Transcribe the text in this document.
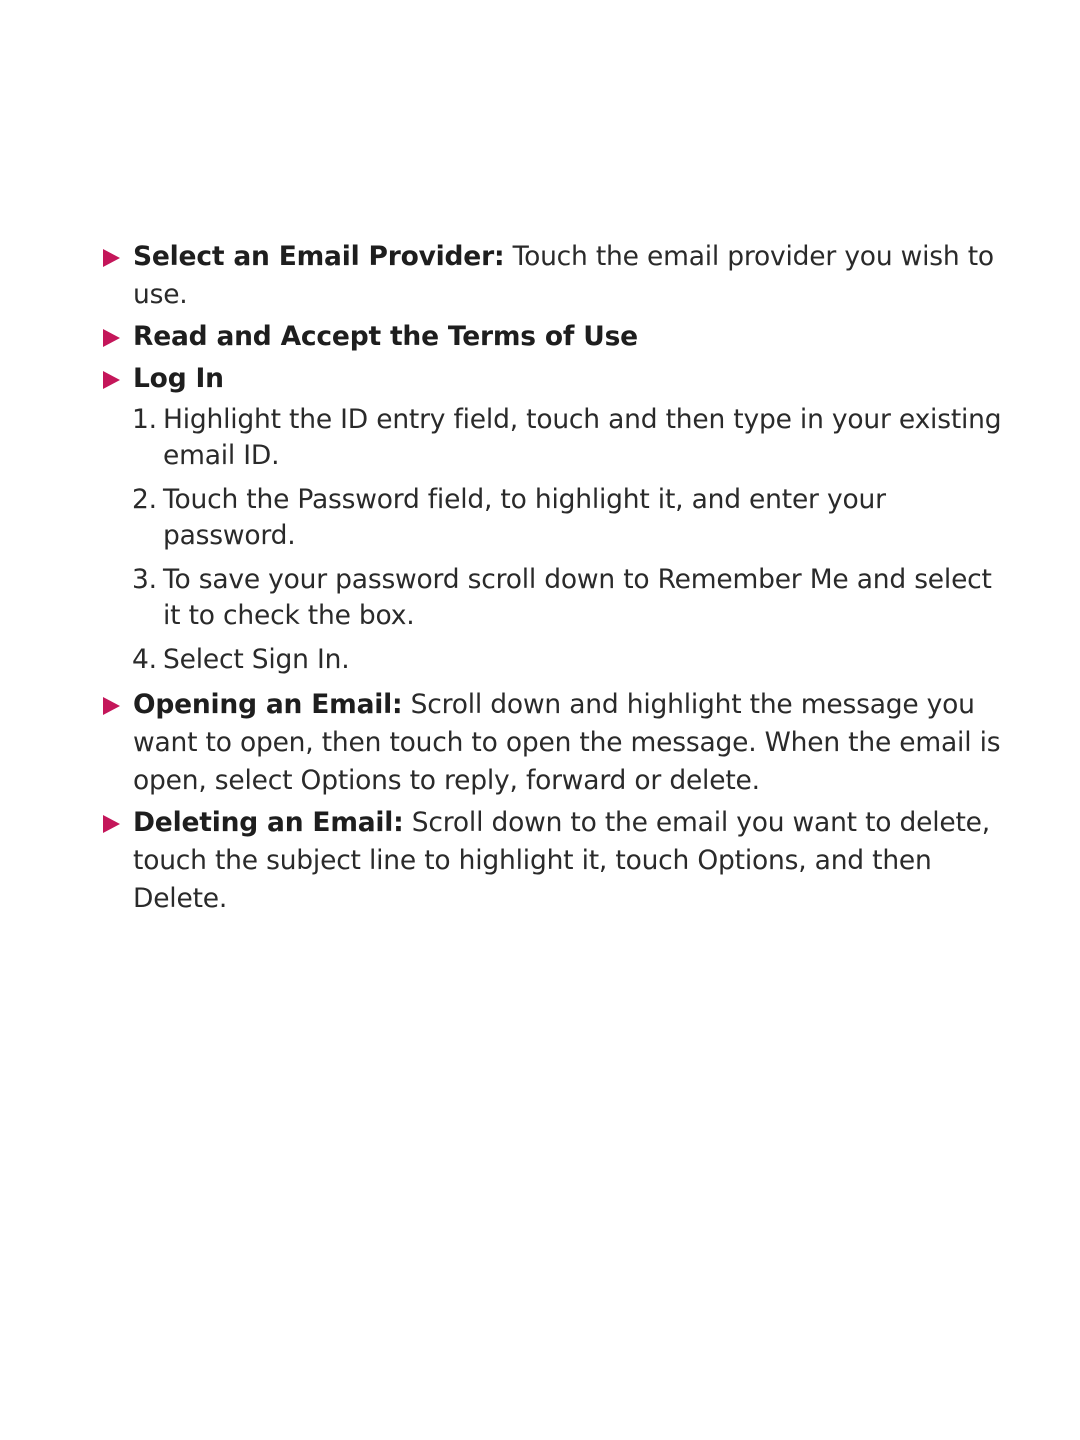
Select an Email Provider: Touch the email provider you wish to use.
Read and Accept the Terms of Use
Log In
1. Highlight the ID entry field, touch and then type in your existing email ID.
2. Touch the Password field, to highlight it, and enter your password.
3. To save your password scroll down to Remember Me and select it to check the box.
4. Select Sign In.
Opening an Email: Scroll down and highlight the message you want to open, then touch to open the message. When the email is open, select Options to reply, forward or delete.
Deleting an Email: Scroll down to the email you want to delete, touch the subject line to highlight it, touch Options, and then Delete.
